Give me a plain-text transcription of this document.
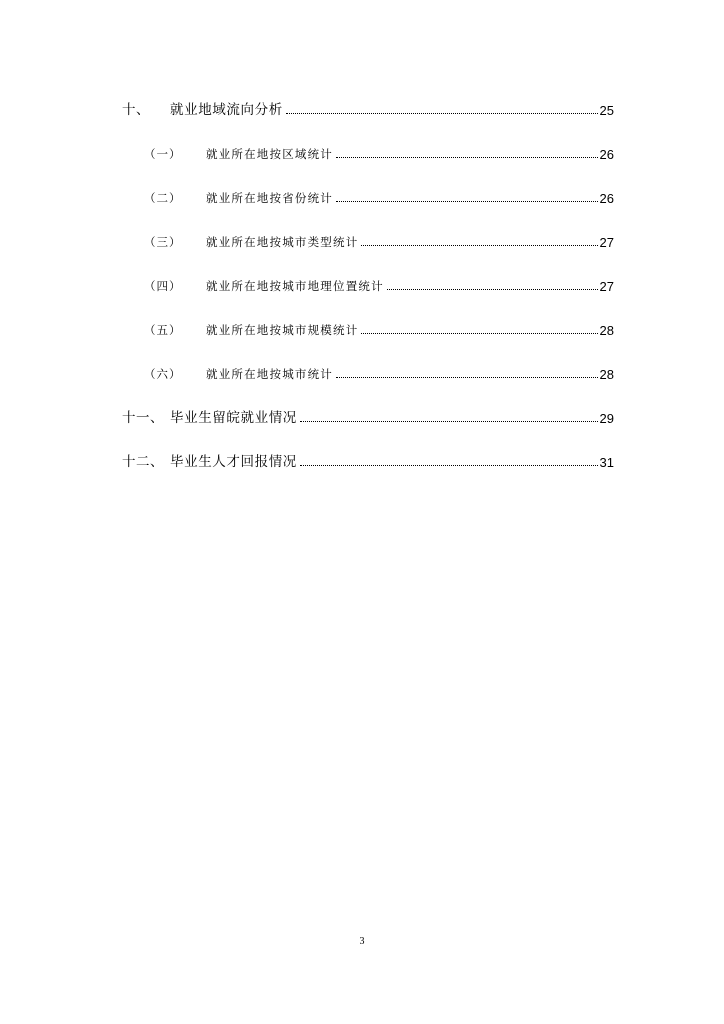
十、	就业地域流向分析	25
（一）	就业所在地按区域统计	26
（二）	就业所在地按省份统计	26
（三）	就业所在地按城市类型统计	27
（四）	就业所在地按城市地理位置统计	27
（五）	就业所在地按城市规模统计	28
（六）	就业所在地按城市统计	28
十一、 毕业生留皖就业情况	29
十二、 毕业生人才回报情况	31
3
